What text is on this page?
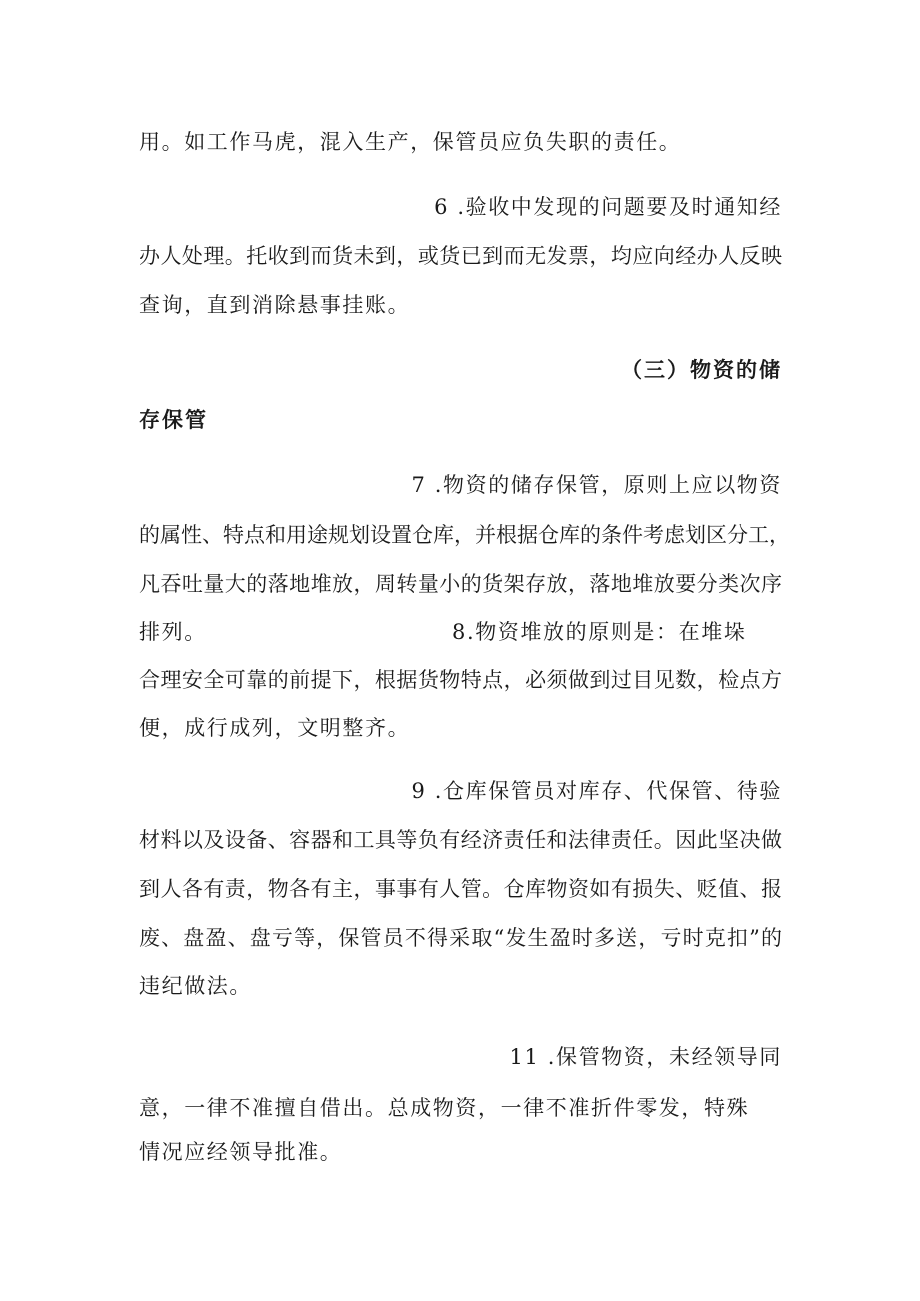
用。如工作马虎，混入生产，保管员应负失职的责任。
6 .验收中发现的问题要及时通知经
办人处理。托收到而货未到，或货已到而无发票，均应向经办人反映
查询，直到消除悬事挂账。
（三）物资的储
存保管
7 .物资的储存保管，原则上应以物资
的属性、特点和用途规划设置仓库，并根据仓库的条件考虑划区分工，
凡吞吐量大的落地堆放，周转量小的货架存放，落地堆放要分类次序
排列。	8.物资堆放的原则是：在堆垛
合理安全可靠的前提下，根据货物特点，必须做到过目见数，检点方
便，成行成列，文明整齐。
9 .仓库保管员对库存、代保管、待验
材料以及设备、容器和工具等负有经济责任和法律责任。因此坚决做
到人各有责，物各有主，事事有人管。仓库物资如有损失、贬值、报
废、盘盈、盘亏等，保管员不得采取“发生盈时多送，亏时克扣”的
违纪做法。
11 .保管物资，未经领导同
意，一律不准擅自借出。总成物资，一律不准折件零发，特殊
情况应经领导批准。
